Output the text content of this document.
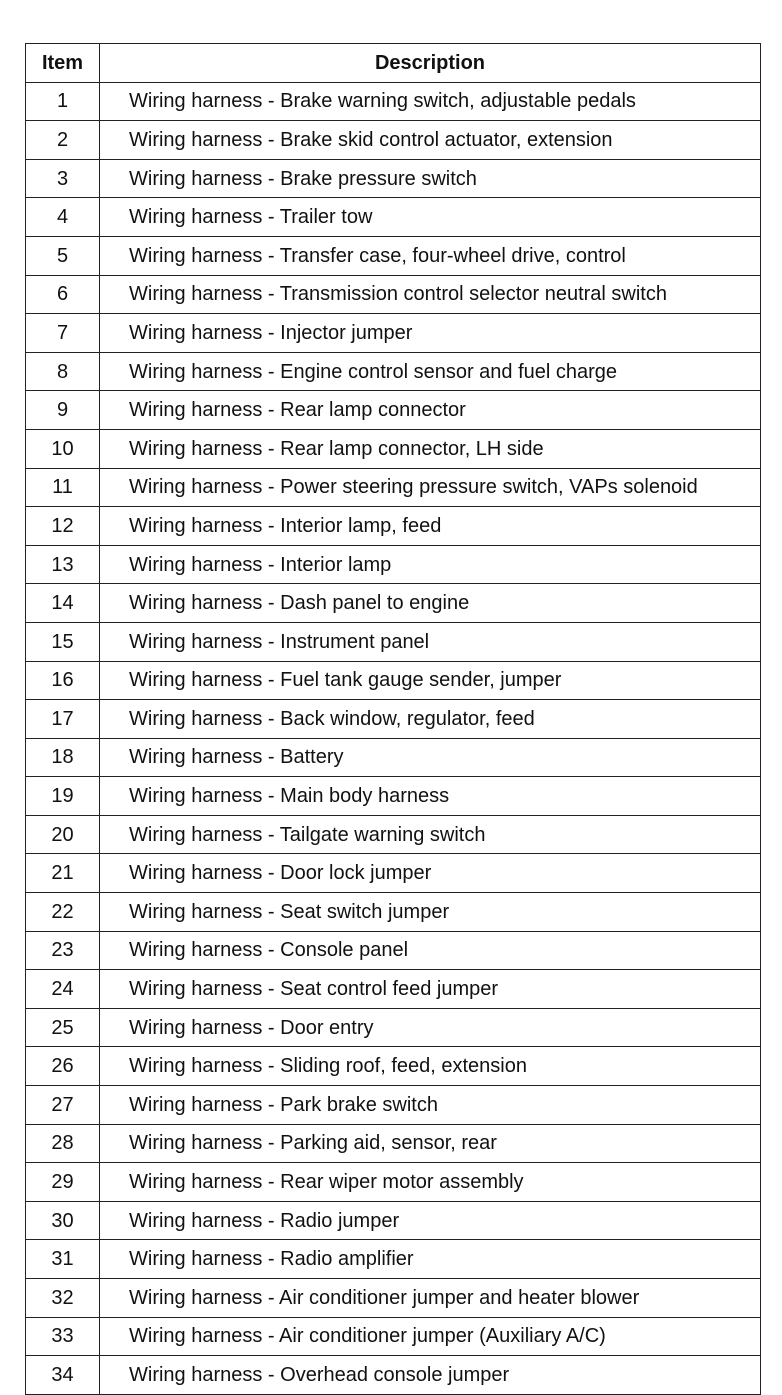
Item	Description
1	Wiring harness - Brake warning switch, adjustable pedals
2	Wiring harness - Brake skid control actuator, extension
3	Wiring harness - Brake pressure switch
4	Wiring harness - Trailer tow
5	Wiring harness - Transfer case, four-wheel drive, control
6	Wiring harness - Transmission control selector neutral switch
7	Wiring harness - Injector jumper
8	Wiring harness - Engine control sensor and fuel charge
9	Wiring harness - Rear lamp connector
10	Wiring harness - Rear lamp connector, LH side
11	Wiring harness - Power steering pressure switch, VAPs solenoid
12	Wiring harness - Interior lamp, feed
13	Wiring harness - Interior lamp
14	Wiring harness - Dash panel to engine
15	Wiring harness - Instrument panel
16	Wiring harness - Fuel tank gauge sender, jumper
17	Wiring harness - Back window, regulator, feed
18	Wiring harness - Battery
19	Wiring harness - Main body harness
20	Wiring harness - Tailgate warning switch
21	Wiring harness - Door lock jumper
22	Wiring harness - Seat switch jumper
23	Wiring harness - Console panel
24	Wiring harness - Seat control feed jumper
25	Wiring harness - Door entry
26	Wiring harness - Sliding roof, feed, extension
27	Wiring harness - Park brake switch
28	Wiring harness - Parking aid, sensor, rear
29	Wiring harness - Rear wiper motor assembly
30	Wiring harness - Radio jumper
31	Wiring harness - Radio amplifier
32	Wiring harness - Air conditioner jumper and heater blower
33	Wiring harness - Air conditioner jumper (Auxiliary A/C)
34	Wiring harness - Overhead console jumper
